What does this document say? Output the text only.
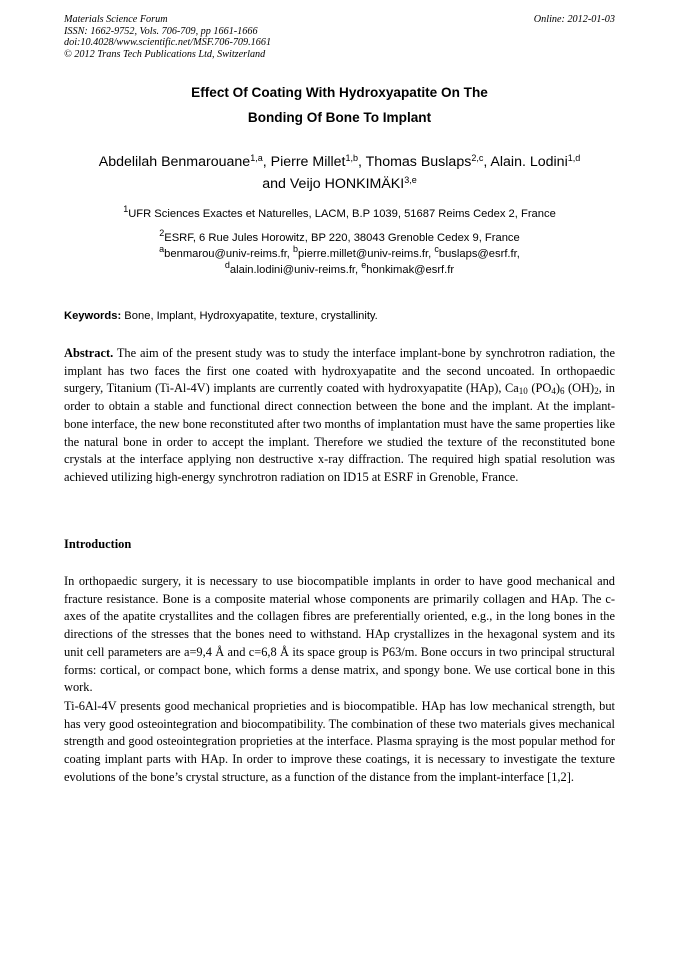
Materials Science Forum
ISSN: 1662-9752, Vols. 706-709, pp 1661-1666
doi:10.4028/www.scientific.net/MSF.706-709.1661
© 2012 Trans Tech Publications Ltd, Switzerland
Online: 2012-01-03
Effect Of Coating With Hydroxyapatite On The
Bonding Of Bone To Implant
Abdelilah Benmarouane$^{1,a}$, Pierre Millet$^{1,b}$, Thomas Buslaps$^{2,c}$, Alain. Lodini$^{1,d}$
and Veijo HONKIMÄKI$^{3,e}$
$^1$UFR Sciences Exactes et Naturelles, LACM, B.P 1039, 51687 Reims Cedex 2, France
$^2$ESRF, 6 Rue Jules Horowitz, BP 220, 38043 Grenoble Cedex 9, France
$^a$benmarou@univ-reims.fr, $^b$pierre.millet@univ-reims.fr, $^c$buslaps@esrf.fr,
$^d$alain.lodini@univ-reims.fr, $^e$honkimak@esrf.fr
Keywords: Bone, Implant, Hydroxyapatite, texture, crystallinity.
Abstract. The aim of the present study was to study the interface implant-bone by synchrotron radiation, the implant has two faces the first one coated with hydroxyapatite and the second uncoated. In orthopaedic surgery, Titanium (Ti-Al-4V) implants are currently coated with hydroxyapatite (HAp), $Ca_{10}$ $(PO_4)_6$ $(OH)_2$, in order to obtain a stable and functional direct connection between the bone and the implant. At the implant-bone interface, the new bone reconstituted after two months of implantation must have the same properties like the natural bone in order to accept the implant. Therefore we studied the texture of the reconstituted bone crystals at the interface applying non destructive x-ray diffraction. The required high spatial resolution was achieved utilizing high-energy synchrotron radiation on ID15 at ESRF in Grenoble, France.
Introduction
In orthopaedic surgery, it is necessary to use biocompatible implants in order to have good mechanical and fracture resistance. Bone is a composite material whose components are primarily collagen and HAp. The c-axes of the apatite crystallites and the collagen fibres are preferentially oriented, e.g., in the long bones in the directions of the stresses that the bones need to withstand. HAp crystallizes in the hexagonal system and its unit cell parameters are a=9,4 Å and c=6,8 Å its space group is P63/m. Bone occurs in two principal structural forms: cortical, or compact bone, which forms a dense matrix, and spongy bone. We use cortical bone in this work.
Ti-6Al-4V presents good mechanical proprieties and is biocompatible. HAp has low mechanical strength, but has very good osteointegration and biocompatibility. The combination of these two materials gives mechanical strength and good osteointegration proprieties at the interface. Plasma spraying is the most popular method for coating implant parts with HAp. In order to improve these coatings, it is necessary to investigate the texture evolutions of the bone’s crystal structure, as a function of the distance from the implant-interface [1,2].
